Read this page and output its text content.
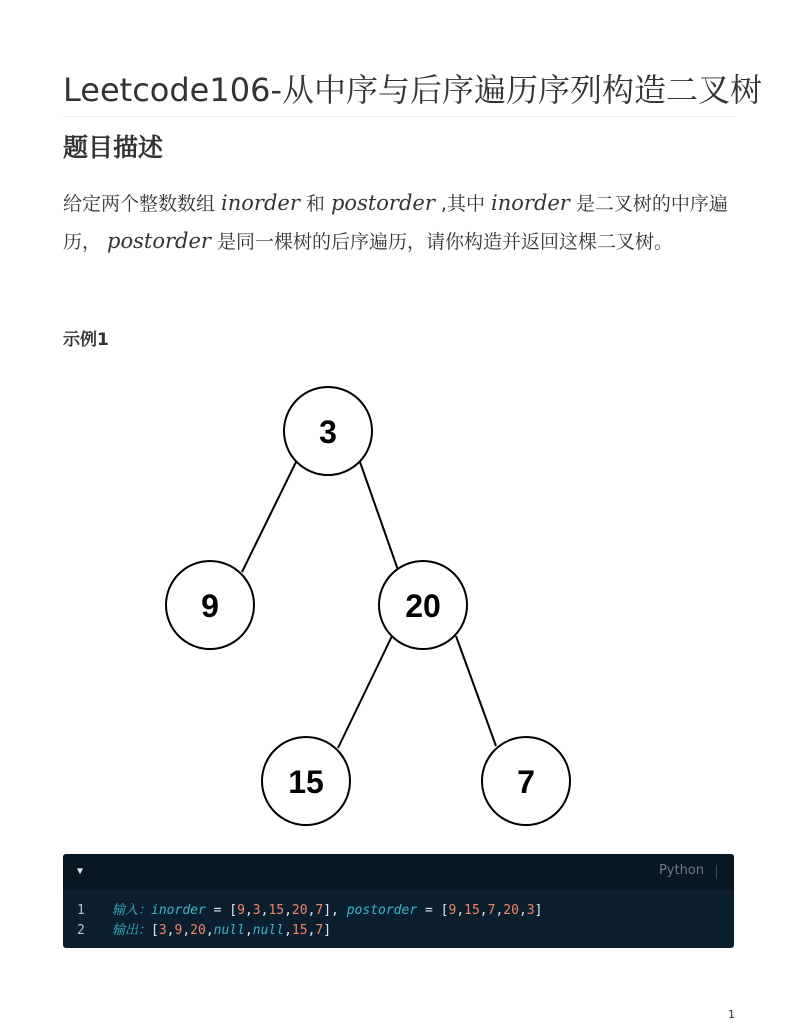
Leetcode106-从中序与后序遍历序列构造二叉树
题目描述
给定两个整数数组 inorder 和 postorder ,其中 inorder 是二叉树的中序遍历， postorder 是同一棵树的后序遍历，请你构造并返回这棵二叉树。
示例1
3
9	20
15	7
▼	Python
1 输入：inorder = [9,3,15,20,7], postorder = [9,15,7,20,3]
2 输出：[3,9,20,null,null,15,7]
1
